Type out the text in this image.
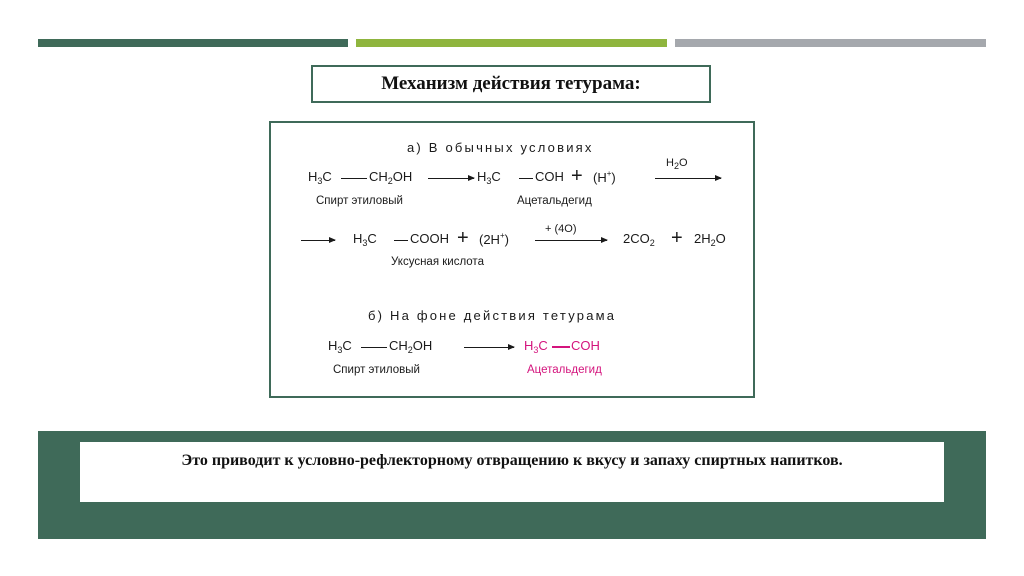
Механизм действия тетурама:
а) В обычных условиях
$H_3C$	$CH_2OH \to H_3C$	COH + (H+)
$H_2O$
Спирт этиловый	Ацетальдегид
→ $H_3C$	COOH + (2H+)
+ (4O)
$2CO_2 + 2H_2O$
Уксусная кислота
б) На фоне действия тетурама
$H_3C$	$CH_2OH \to H_3C$ COH
Спирт этиловый	Ацетальдегид
Это приводит к условно-рефлекторному отвращению к вкусу и запаху спиртных напитков.
